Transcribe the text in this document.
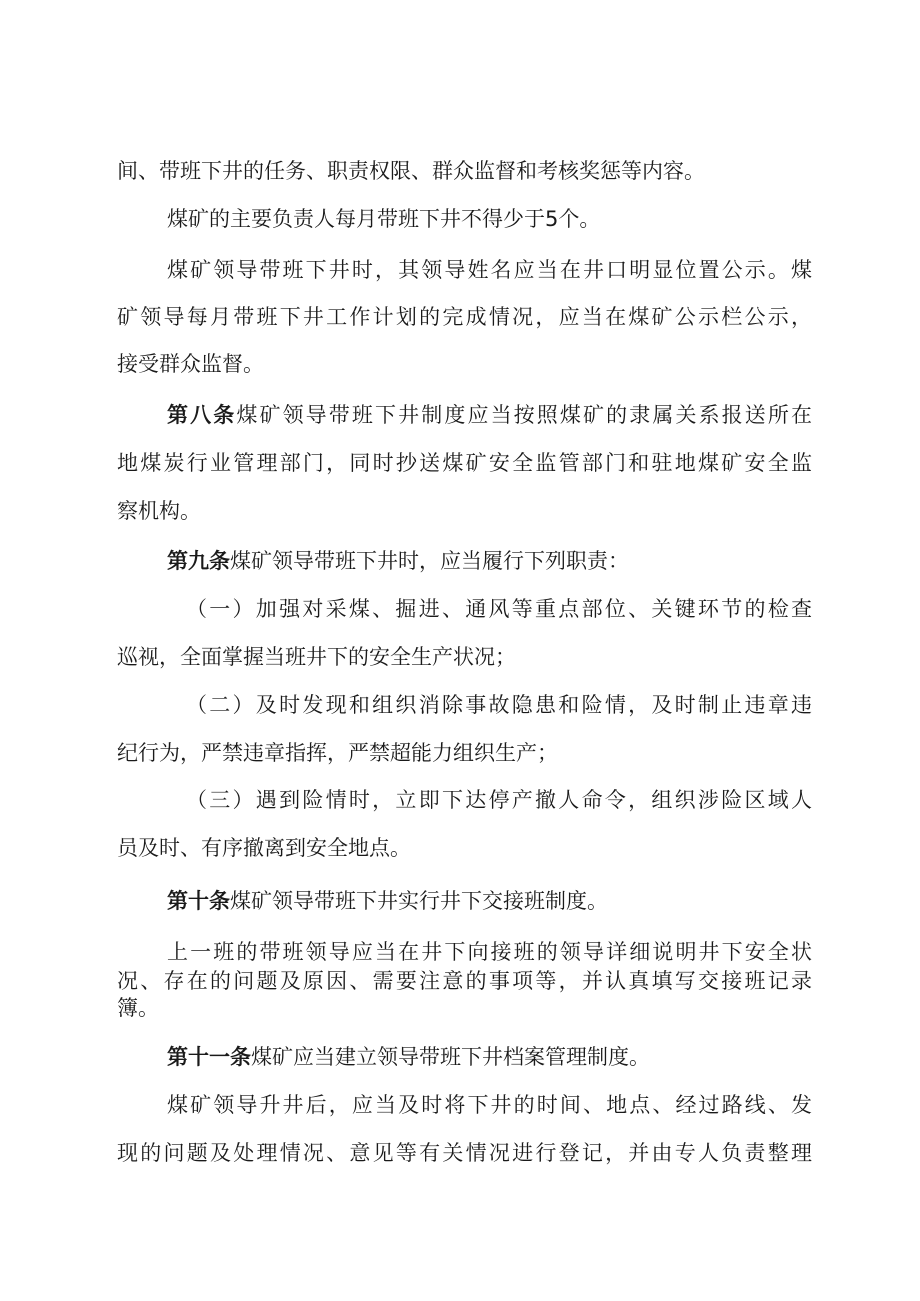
间、带班下井的任务、职责权限、群众监督和考核奖惩等内容。
煤矿的主要负责人每月带班下井不得少于5个。
煤矿领导带班下井时，其领导姓名应当在井口明显位置公示。煤
矿领导每月带班下井工作计划的完成情况，应当在煤矿公示栏公示，
接受群众监督。
第八条煤矿领导带班下井制度应当按照煤矿的隶属关系报送所在
地煤炭行业管理部门，同时抄送煤矿安全监管部门和驻地煤矿安全监
察机构。
第九条煤矿领导带班下井时，应当履行下列职责：
（一）加强对采煤、掘进、通风等重点部位、关键环节的检查
巡视，全面掌握当班井下的安全生产状况；
（二）及时发现和组织消除事故隐患和险情，及时制止违章违
纪行为，严禁违章指挥，严禁超能力组织生产；
（三）遇到险情时，立即下达停产撤人命令，组织涉险区域人
员及时、有序撤离到安全地点。
第十条煤矿领导带班下井实行井下交接班制度。
上一班的带班领导应当在井下向接班的领导详细说明井下安全状
况、存在的问题及原因、需要注意的事项等，并认真填写交接班记录
簿。
第十一条煤矿应当建立领导带班下井档案管理制度。
煤矿领导升井后，应当及时将下井的时间、地点、经过路线、发
现的问题及处理情况、意见等有关情况进行登记，并由专人负责整理
